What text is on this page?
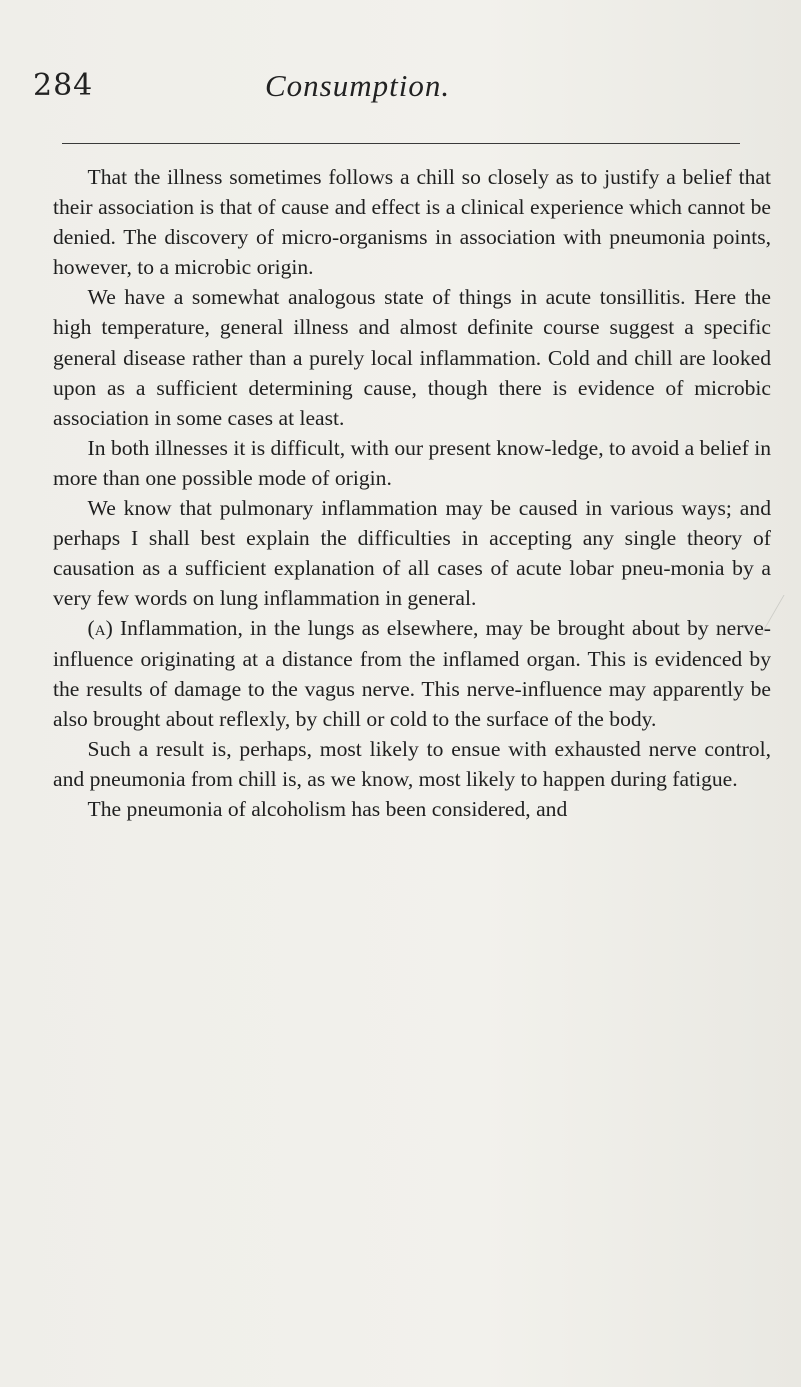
284	Consumption.

That the illness sometimes follows a chill so closely as to justify a belief that their association is that of cause and effect is a clinical experience which cannot be denied. The discovery of micro-organisms in association with pneumonia points, however, to a microbic origin.

We have a somewhat analogous state of things in acute tonsillitis. Here the high temperature, general illness and almost definite course suggest a specific general disease rather than a purely local inflammation. Cold and chill are looked upon as a sufficient determining cause, though there is evidence of microbic association in some cases at least.

In both illnesses it is difficult, with our present know-ledge, to avoid a belief in more than one possible mode of origin.

We know that pulmonary inflammation may be caused in various ways; and perhaps I shall best explain the difficulties in accepting any single theory of causation as a sufficient explanation of all cases of acute lobar pneu-monia by a very few words on lung inflammation in general.

(a) Inflammation, in the lungs as elsewhere, may be brought about by nerve-influence originating at a distance from the inflamed organ. This is evidenced by the results of damage to the vagus nerve. This nerve-influence may apparently be also brought about reflexly, by chill or cold to the surface of the body.

Such a result is, perhaps, most likely to ensue with exhausted nerve control, and pneumonia from chill is, as we know, most likely to happen during fatigue.

The pneumonia of alcoholism has been considered, and
